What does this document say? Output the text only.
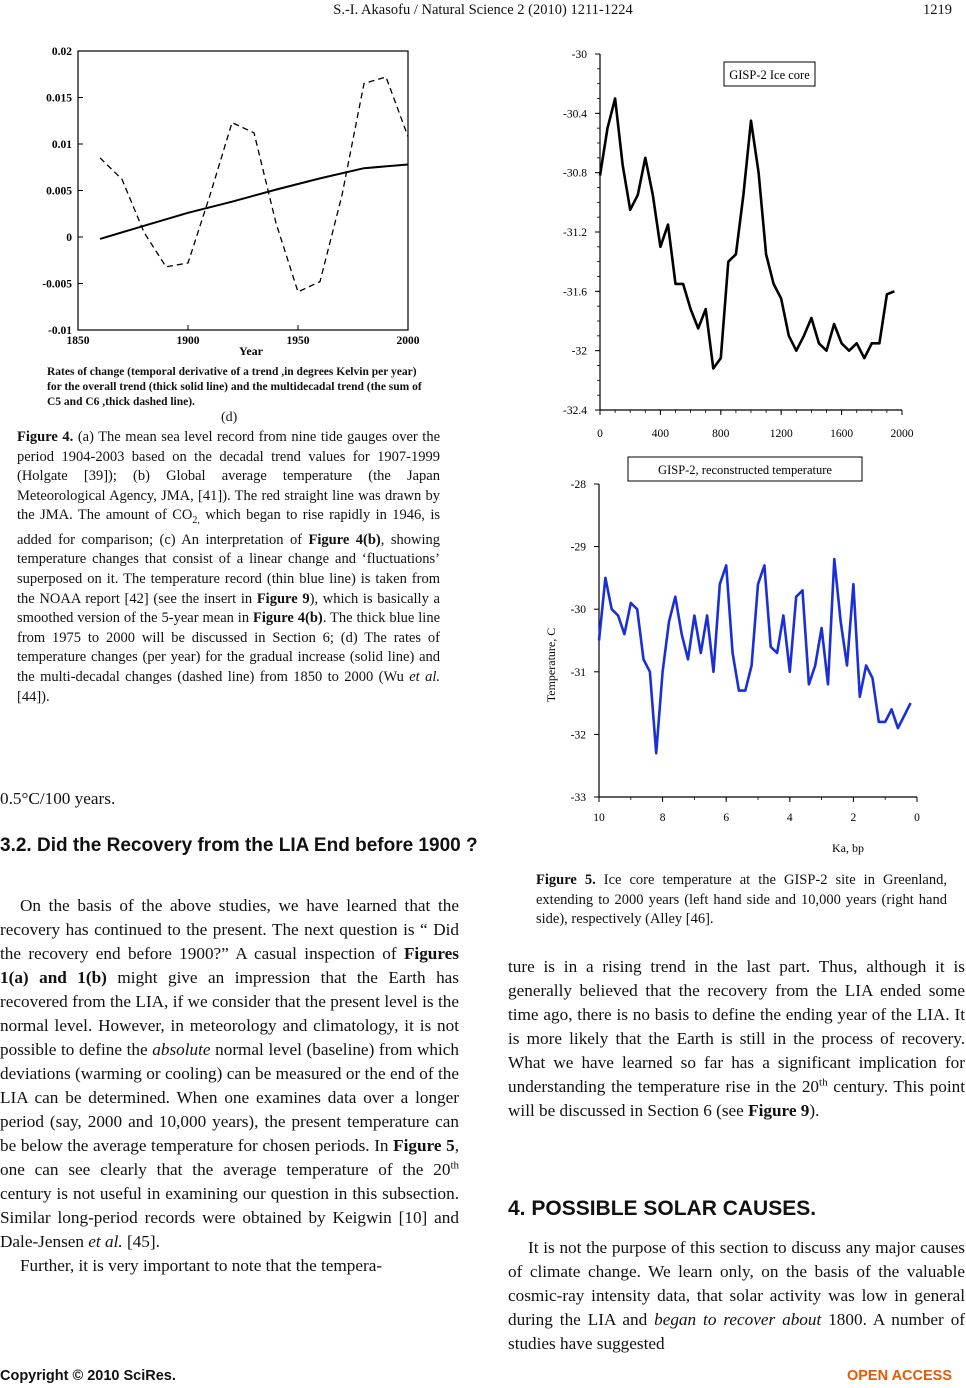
S.-I. Akasofu / Natural Science 2 (2010) 1211-1224	1219
1850	1900	1950	2000
0.02
0.015
0.01
0.005
0
-0.005
-0.01
Year
Rates of change (temporal derivative of a trend ,in degrees Kelvin per year) for the overall trend (thick solid line) and the multidecadal trend (the sum of C5 and C6 ,thick dashed line).
(d)
Figure 4. (a) The mean sea level record from nine tide gauges over the period 1904-2003 based on the decadal trend values for 1907-1999 (Holgate [39]); (b) Global average temperature (the Japan Meteorological Agency, JMA, [41]). The red straight line was drawn by the JMA. The amount of $CO_{2,}$ which began to rise rapidly in 1946, is added for comparison; (c) An interpretation of Figure 4(b), showing temperature changes that consist of a linear change and ‘fluctuations’ superposed on it. The temperature record (thin blue line) is taken from the NOAA report [42] (see the insert in Figure 9), which is basically a smoothed version of the 5-year mean in Figure 4(b). The thick blue line from 1975 to 2000 will be discussed in Section 6; (d) The rates of temperature changes (per year) for the gradual increase (solid line) and the multi-decadal changes (dashed line) from 1850 to 2000 (Wu et al. [44]).
0.5°C/100 years.
3.2. Did the Recovery from the LIA End before 1900 ?

On the basis of the above studies, we have learned that the recovery has continued to the present. The next question is “ Did the recovery end before 1900?” A casual inspection of Figures 1(a) and 1(b) might give an impression that the Earth has recovered from the LIA, if we consider that the present level is the normal level. However, in meteorology and climatology, it is not possible to define the absolute normal level (baseline) from which deviations (warming or cooling) can be measured or the end of the LIA can be determined. When one examines data over a longer period (say, 2000 and 10,000 years), the present temperature can be below the average temperature for chosen periods. In Figure 5, one can see clearly that the average temperature of the 20th century is not useful in examining our question in this subsection. Similar long-period records were obtained by Keigwin [10] and Dale-Jensen et al. [45].

Further, it is very important to note that the tempera-

0	400	800	1200	1600	2000
-30
-30.4
-30.8
-31.2
-31.6
-32
-32.4
GISP-2 Ice core
GISP-2, reconstructed temperature
10	8	6	4	2	0
-28
-29
-30
-31
-32
-33
Temperature, C
Ka, bp
Figure 5. Ice core temperature at the GISP-2 site in Greenland, extending to 2000 years (left hand side and 10,000 years (right hand side), respectively (Alley [46].

ture is in a rising trend in the last part. Thus, although it is generally believed that the recovery from the LIA ended some time ago, there is no basis to define the ending year of the LIA. It is more likely that the Earth is still in the process of recovery. What we have learned so far has a significant implication for understanding the temperature rise in the 20th century. This point will be discussed in Section 6 (see Figure 9).

4. POSSIBLE SOLAR CAUSES.

It is not the purpose of this section to discuss any major causes of climate change. We learn only, on the basis of the valuable cosmic-ray intensity data, that solar activity was low in general during the LIA and began to recover about 1800. A number of studies have suggested

Copyright © 2010 SciRes.	OPEN ACCESS
